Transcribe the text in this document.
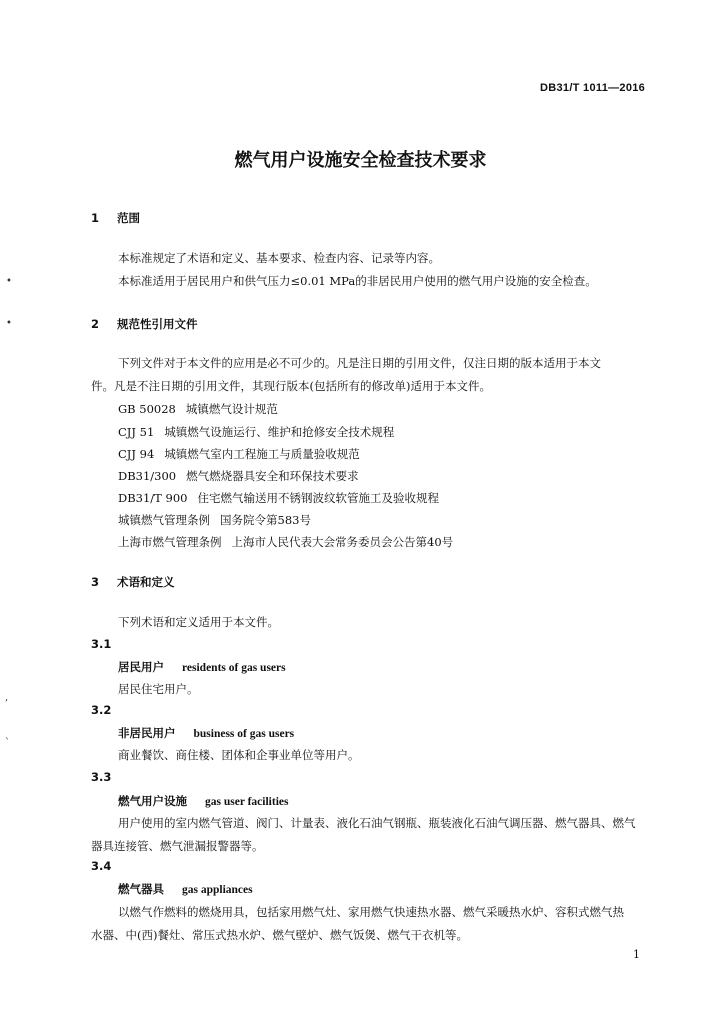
DB31/T 1011—2016
燃气用户设施安全检查技术要求
1 范围
本标准规定了术语和定义、基本要求、检查内容、记录等内容。
本标准适用于居民用户和供气压力≤0.01 MPa的非居民用户使用的燃气用户设施的安全检查。
2 规范性引用文件
下列文件对于本文件的应用是必不可少的。凡是注日期的引用文件，仅注日期的版本适用于本文
件。凡是不注日期的引用文件，其现行版本(包括所有的修改单)适用于本文件。
GB 50028 城镇燃气设计规范
CJJ 51 城镇燃气设施运行、维护和抢修安全技术规程
CJJ 94 城镇燃气室内工程施工与质量验收规范
DB31/300 燃气燃烧器具安全和环保技术要求
DB31/T 900 住宅燃气输送用不锈钢波纹软管施工及验收规程
城镇燃气管理条例 国务院令第583号
上海市燃气管理条例 上海市人民代表大会常务委员会公告第40号
3 术语和定义
下列术语和定义适用于本文件。
3.1
居民用户 residents of gas users
居民住宅用户。
3.2
非居民用户 business of gas users
商业餐饮、商住楼、团体和企事业单位等用户。
3.3
燃气用户设施 gas user facilities
用户使用的室内燃气管道、阀门、计量表、液化石油气钢瓶、瓶装液化石油气调压器、燃气器具、燃气
器具连接管、燃气泄漏报警器等。
3.4
燃气器具 gas appliances
以燃气作燃料的燃烧用具，包括家用燃气灶、家用燃气快速热水器、燃气采暖热水炉、容积式燃气热
水器、中(西)餐灶、常压式热水炉、燃气壁炉、燃气饭煲、燃气干衣机等。
1
•
•
,
`
